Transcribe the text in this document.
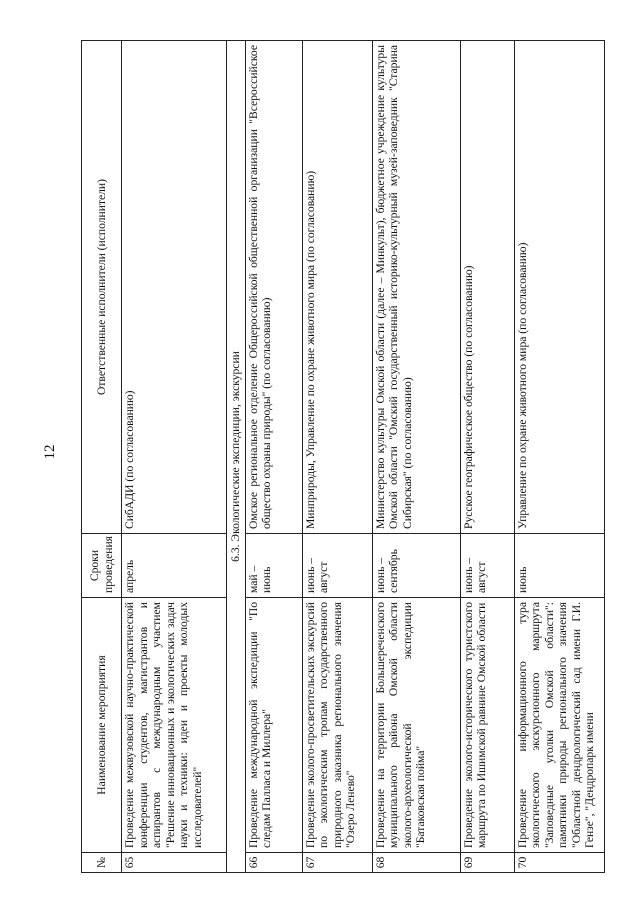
12
№	Наименование мероприятия	Сроки проведения	Ответственные исполнители (исполнители)
65	Проведение межвузовской научно-практической конференции студентов, магистрантов и аспирантов с международным участием "Решение инновационных и экологических задач науки и техники: идеи и проекты молодых исследователей"	апрель	СибАДИ (по согласованию)
6.3. Экологические экспедиции, экскурсии			
66	Проведение международной экспедиции "По следам Палласа и Миллера"	май – июнь	Омское региональное отделение Общероссийской общественной организации "Всероссийское общество охраны природы" (по согласованию)
67	Проведение эколого-просветительских экскурсий по экологическим тропам государственного природного заказника регионального значения "Озеро Ленево"	июнь – август	Минприроды, Управление по охране животного мира (по согласованию)
68	Проведение на территории Большереченского муниципального района Омской области эколого-археологической экспедиции "Батаковская пойма"	июнь – сентябрь	Министерство культуры Омской области (далее – Минкульт), бюджетное учреждение культуры Омской области "Омский государственный историко-культурный музей-заповедник "Старина Сибирская" (по согласованию)
69	Проведение эколого-исторического туристского маршрута по Ишимской равнине Омской области	июнь – август	Русское географическое общество (по согласованию)
70	Проведение информационного тура экологического экскурсионного маршрута "Заповедные уголки Омской области": памятники природы регионального значения "Областной дендрологический сад имени Г.И. Гензе", "Дендропарк имени	июнь	Управление по охране животного мира (по согласованию)
